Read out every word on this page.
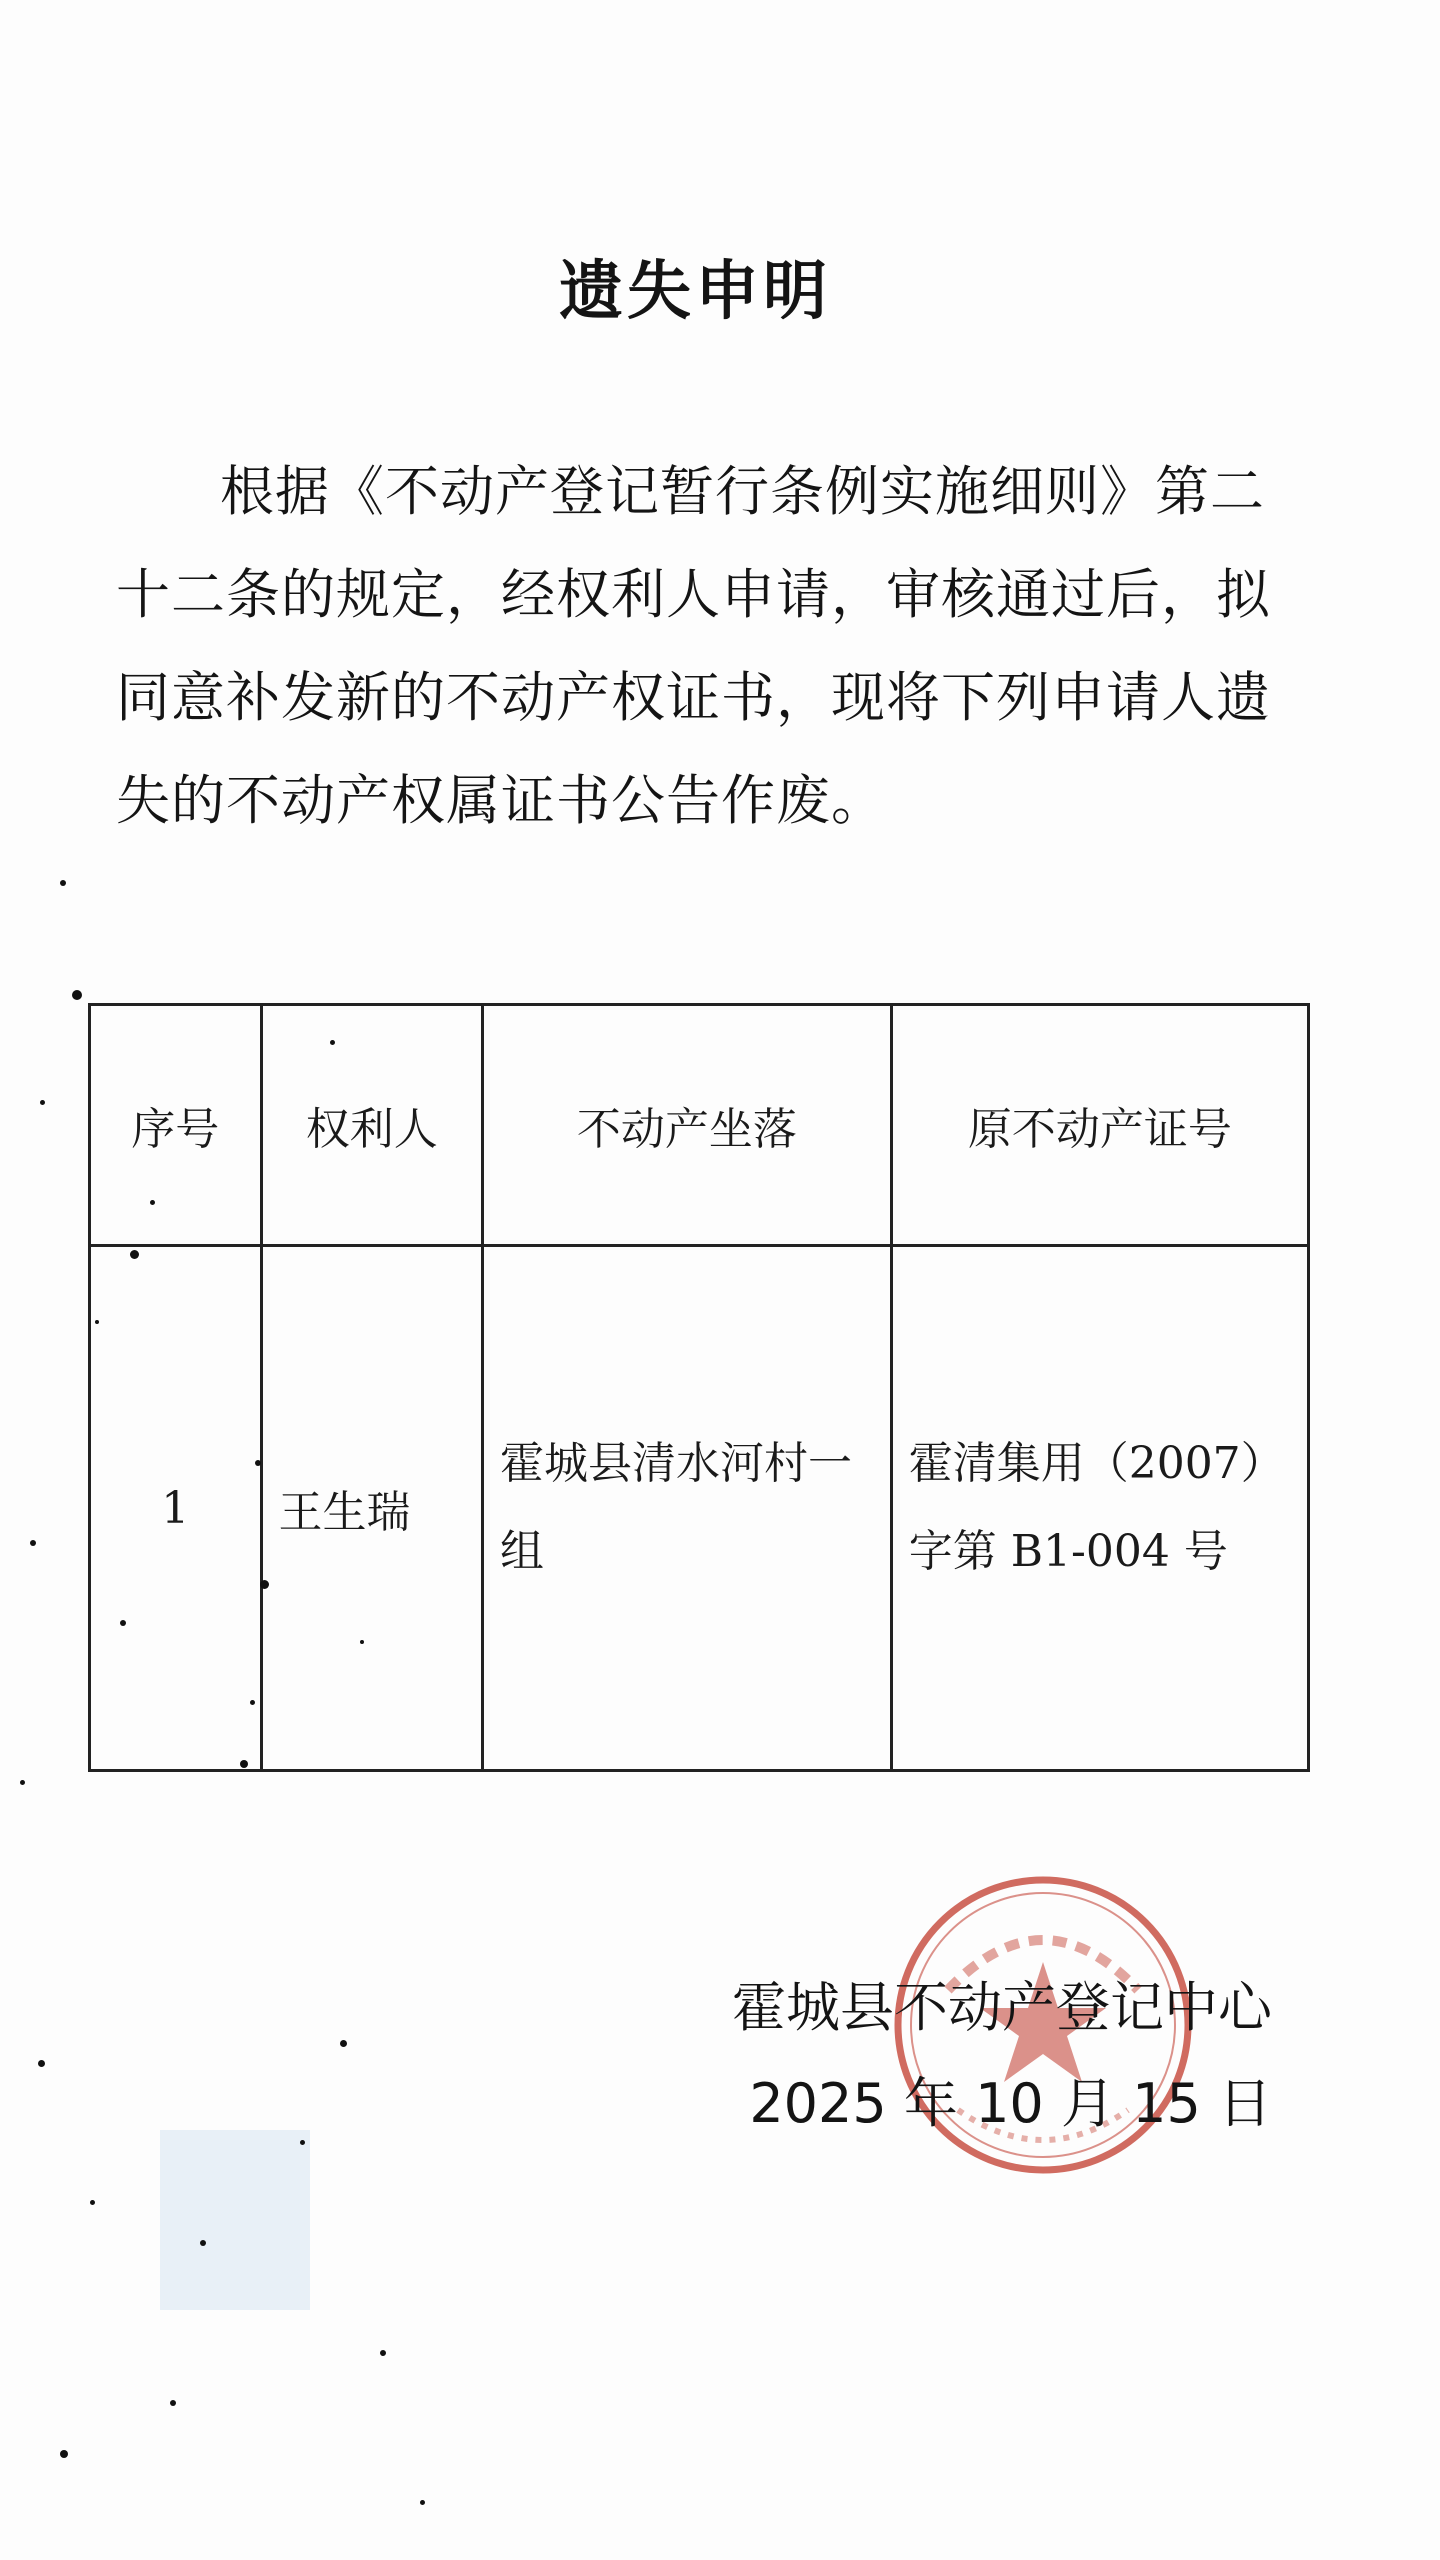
遗失申明
根据《不动产登记暂行条例实施细则》第二十二条的规定，经权利人申请，审核通过后，拟同意补发新的不动产权证书，现将下列申请人遗失的不动产权属证书公告作废。
序号	权利人	不动产坐落	原不动产证号
1	王生瑞	霍城县清水河村一组	霍清集用（2007）字第 B1-004 号
霍城县不动产登记中心
2025 年 10 月 15 日
